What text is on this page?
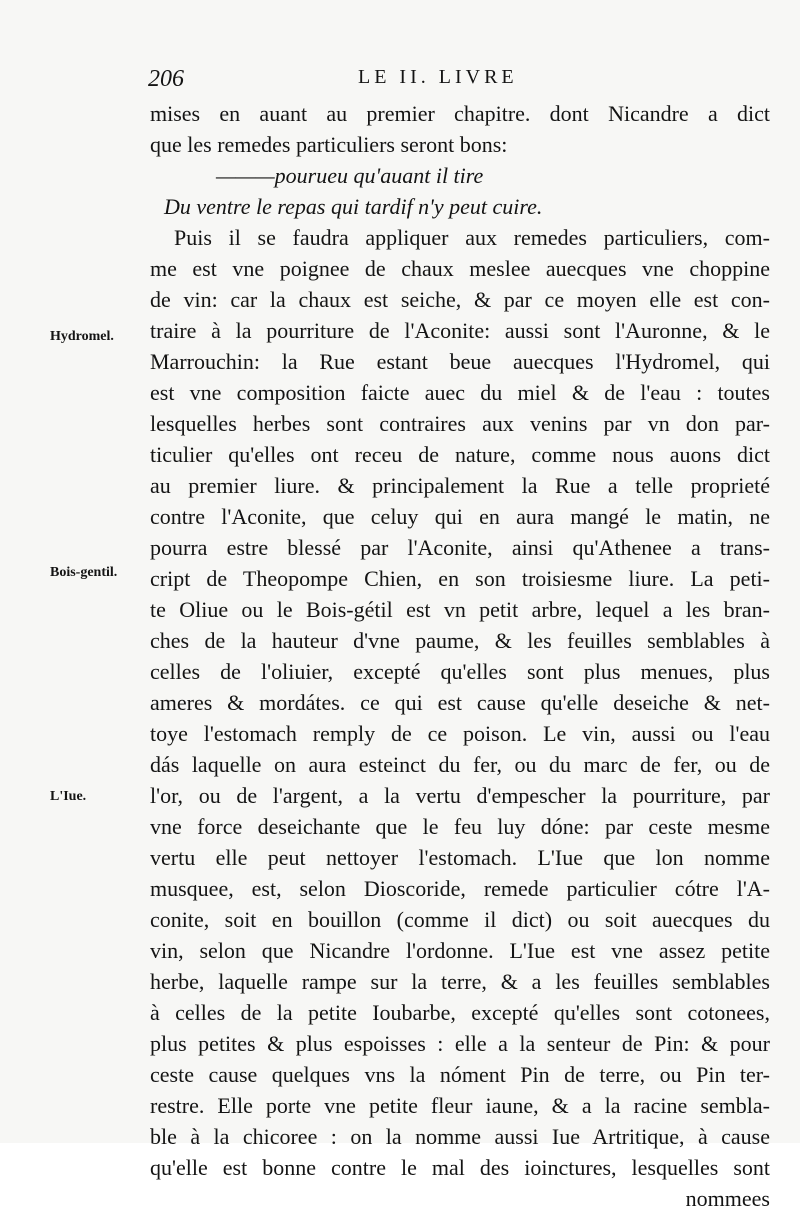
206	LE II. LIVRE
Hydromel.
Bois-gentil.
L'Iue.
mises en auant au premier chapitre. dont Nicandre a dict
que les remedes particuliers seront bons:
———pourueu qu'auant il tire
Du ventre le repas qui tardif n'y peut cuire.
Puis il se faudra appliquer aux remedes particuliers, com-
me est vne poignee de chaux meslee auecques vne choppine
de vin: car la chaux est seiche, & par ce moyen elle est con-
traire à la pourriture de l'Aconite: aussi sont l'Auronne, & le
Marrouchin: la Rue estant beue auecques l'Hydromel, qui
est vne composition faicte auec du miel & de l'eau : toutes
lesquelles herbes sont contraires aux venins par vn don par-
ticulier qu'elles ont receu de nature, comme nous auons dict
au premier liure. & principalement la Rue a telle proprieté
contre l'Aconite, que celuy qui en aura mangé le matin, ne
pourra estre blessé par l'Aconite, ainsi qu'Athenee a trans-
cript de Theopompe Chien, en son troisiesme liure. La peti-
te Oliue ou le Bois-gétil est vn petit arbre, lequel a les bran-
ches de la hauteur d'vne paume, & les feuilles semblables à
celles de l'oliuier, excepté qu'elles sont plus menues, plus
ameres & mordátes. ce qui est cause qu'elle deseiche & net-
toye l'estomach remply de ce poison. Le vin, aussi ou l'eau
dás laquelle on aura esteinct du fer, ou du marc de fer, ou de
l'or, ou de l'argent, a la vertu d'empescher la pourriture, par
vne force deseichante que le feu luy dóne: par ceste mesme
vertu elle peut nettoyer l'estomach. L'Iue que lon nomme
musquee, est, selon Dioscoride, remede particulier cótre l'A-
conite, soit en bouillon (comme il dict) ou soit auecques du
vin, selon que Nicandre l'ordonne. L'Iue est vne assez petite
herbe, laquelle rampe sur la terre, & a les feuilles semblables
à celles de la petite Ioubarbe, excepté qu'elles sont cotonees,
plus petites & plus espoisses : elle a la senteur de Pin: & pour
ceste cause quelques vns la nóment Pin de terre, ou Pin ter-
restre. Elle porte vne petite fleur iaune, & a la racine sembla-
ble à la chicoree : on la nomme aussi Iue Artritique, à cause
qu'elle est bonne contre le mal des ioinctures, lesquelles sont
nommees
